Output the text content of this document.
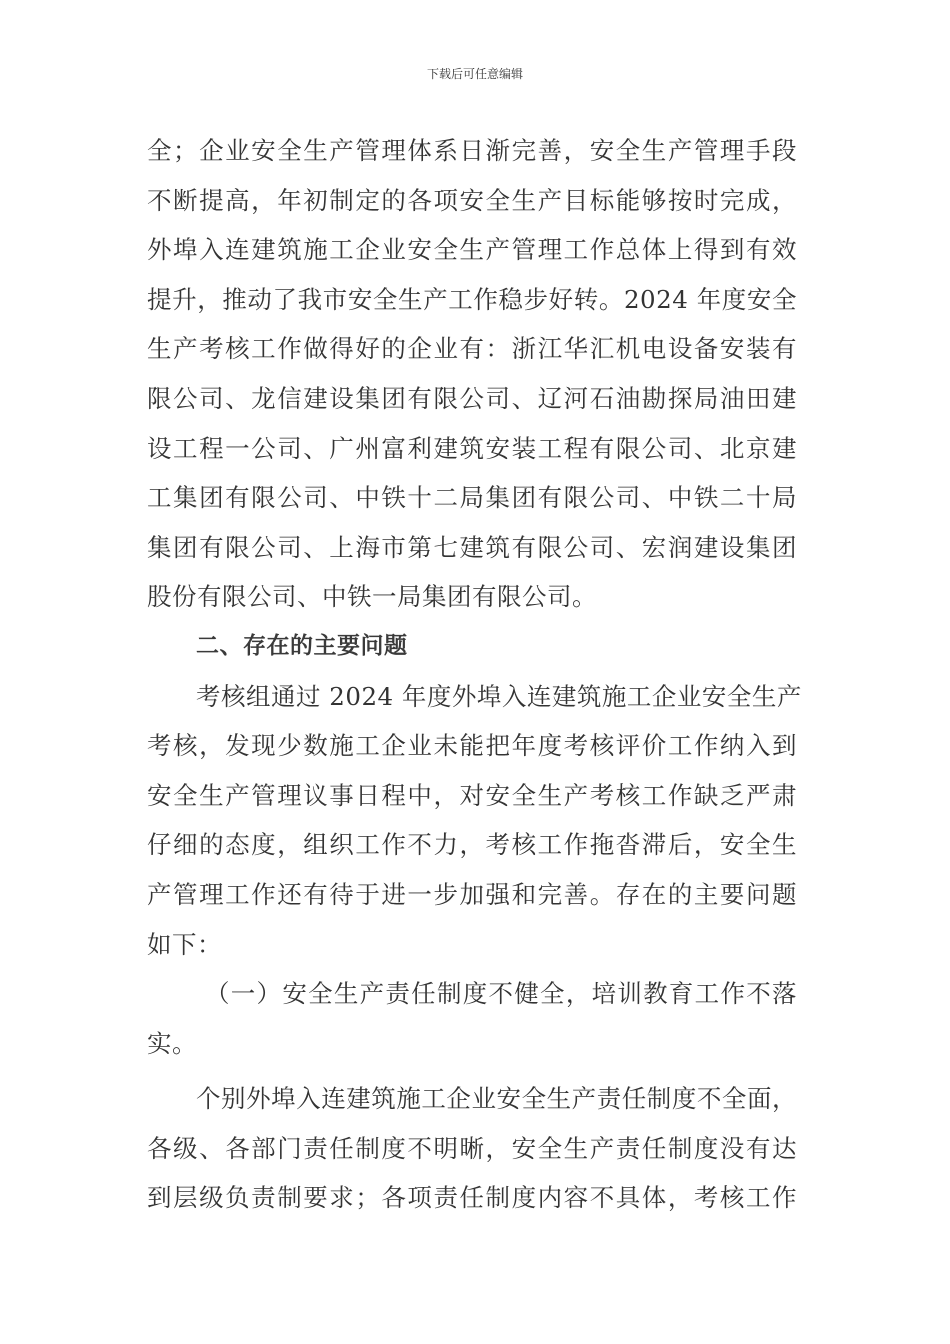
下载后可任意编辑
全；企业安全生产管理体系日渐完善，安全生产管理手段
不断提高，年初制定的各项安全生产目标能够按时完成，
外埠入连建筑施工企业安全生产管理工作总体上得到有效
提升，推动了我市安全生产工作稳步好转。2024 年度安全
生产考核工作做得好的企业有：浙江华汇机电设备安装有
限公司、龙信建设集团有限公司、辽河石油勘探局油田建
设工程一公司、广州富利建筑安装工程有限公司、北京建
工集团有限公司、中铁十二局集团有限公司、中铁二十局
集团有限公司、上海市第七建筑有限公司、宏润建设集团
股份有限公司、中铁一局集团有限公司。
二、存在的主要问题
考核组通过 2024 年度外埠入连建筑施工企业安全生产
考核，发现少数施工企业未能把年度考核评价工作纳入到
安全生产管理议事日程中，对安全生产考核工作缺乏严肃
仔细的态度，组织工作不力，考核工作拖沓滞后，安全生
产管理工作还有待于进一步加强和完善。存在的主要问题
如下：
（一）安全生产责任制度不健全，培训教育工作不落
实。
个别外埠入连建筑施工企业安全生产责任制度不全面，
各级、各部门责任制度不明晰，安全生产责任制度没有达
到层级负责制要求；各项责任制度内容不具体，考核工作
